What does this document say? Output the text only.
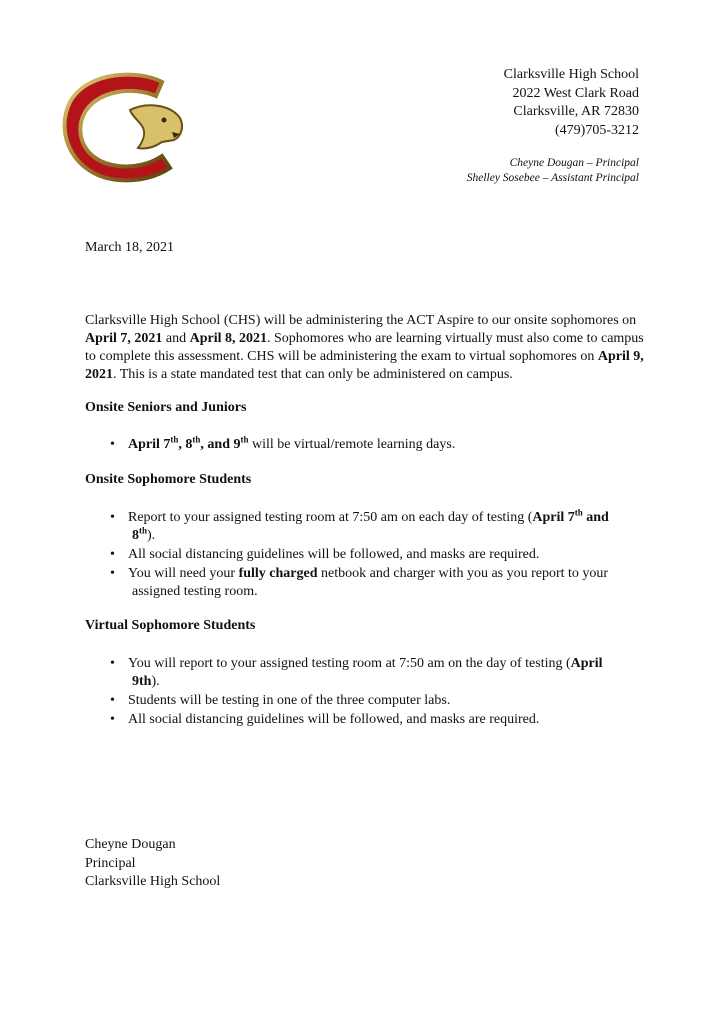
Clarksville High School
2022 West Clark Road
Clarksville, AR 72830
(479)705-3212
Cheyne Dougan – Principal
Shelley Sosebee – Assistant Principal
March 18, 2021
Clarksville High School (CHS) will be administering the ACT Aspire to our onsite sophomores on April 7, 2021 and April 8, 2021. Sophomores who are learning virtually must also come to campus to complete this assessment. CHS will be administering the exam to virtual sophomores on April 9, 2021. This is a state mandated test that can only be administered on campus.
Onsite Seniors and Juniors
• April 7th, 8th, and 9th will be virtual/remote learning days.
Onsite Sophomore Students
• Report to your assigned testing room at 7:50 am on each day of testing (April 7th and
8th).
• All social distancing guidelines will be followed, and masks are required.
• You will need your fully charged netbook and charger with you as you report to your
assigned testing room.
Virtual Sophomore Students
• You will report to your assigned testing room at 7:50 am on the day of testing (April
9th).
• Students will be testing in one of the three computer labs.
• All social distancing guidelines will be followed, and masks are required.
Cheyne Dougan
Principal
Clarksville High School
